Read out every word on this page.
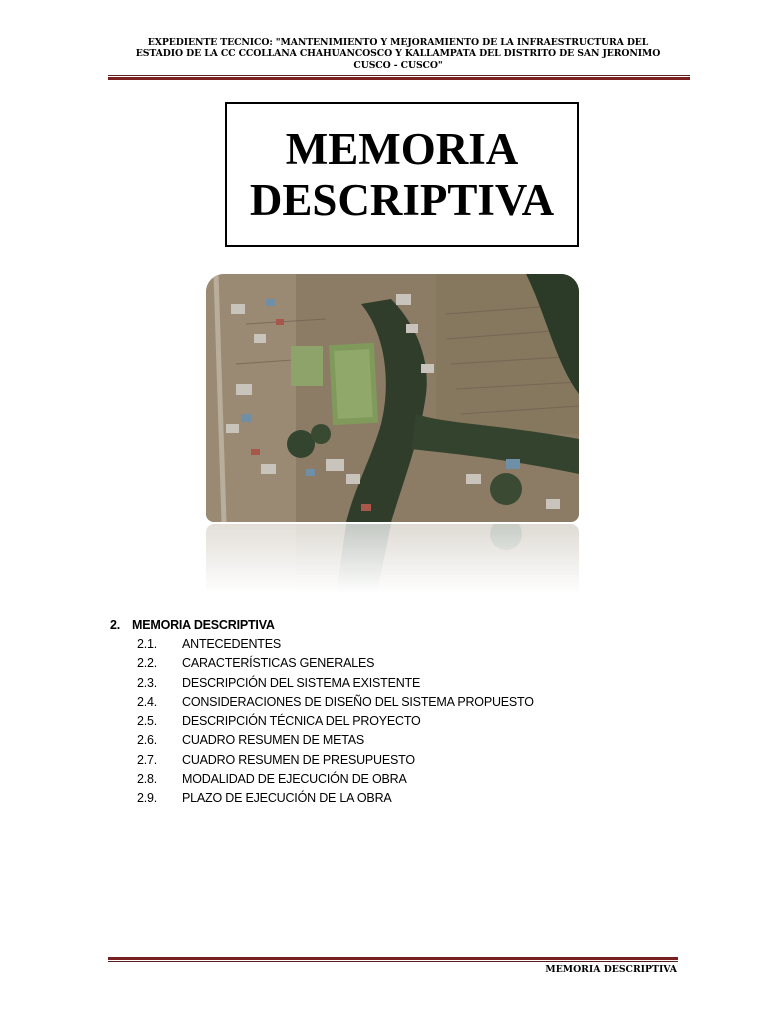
EXPEDIENTE TECNICO: "MANTENIMIENTO Y MEJORAMIENTO DE LA INFRAESTRUCTURA DEL
ESTADIO DE LA CC CCOLLANA CHAHUANCOSCO Y KALLAMPATA DEL DISTRITO DE SAN JERONIMO
CUSCO - CUSCO"
MEMORIA
DESCRIPTIVA
2. MEMORIA DESCRIPTIVA
2.1. ANTECEDENTES
2.2. CARACTERÍSTICAS GENERALES
2.3. DESCRIPCIÓN DEL SISTEMA EXISTENTE
2.4. CONSIDERACIONES DE DISEÑO DEL SISTEMA PROPUESTO
2.5. DESCRIPCIÓN TÉCNICA DEL PROYECTO
2.6. CUADRO RESUMEN DE METAS
2.7. CUADRO RESUMEN DE PRESUPUESTO
2.8. MODALIDAD DE EJECUCIÓN DE OBRA
2.9. PLAZO DE EJECUCIÓN DE LA OBRA
MEMORIA DESCRIPTIVA
